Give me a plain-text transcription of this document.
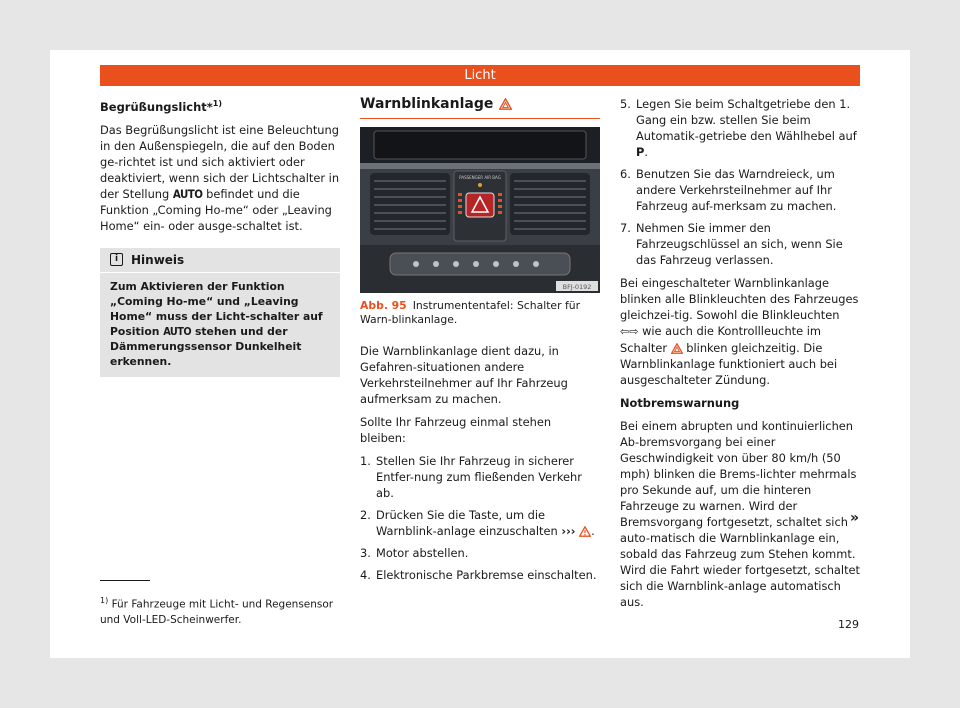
Licht

Begrüßungslicht*$^{1)}$

Das Begrüßungslicht ist eine Beleuchtung in den Außenspiegeln, die auf den Boden ge-richtet ist und sich aktiviert oder deaktiviert, wenn sich der Lichtschalter in der Stellung AUTO befindet und die Funktion „Coming Ho-me“ oder „Leaving Home“ ein- oder ausge-schaltet ist.

i	Hinweis
Zum Aktivieren der Funktion „Coming Ho-me“ und „Leaving Home“ muss der Licht-schalter auf Position AUTO stehen und der Dämmerungssensor Dunkelheit erkennen.
Warnblinkanlage
PASSENGER AIR BAG
BFJ-0192
Abb. 95 Instrumententafel: Schalter für Warn-blinkanlage.

Die Warnblinkanlage dient dazu, in Gefahren-situationen andere Verkehrsteilnehmer auf Ihr Fahrzeug aufmerksam zu machen.

Sollte Ihr Fahrzeug einmal stehen bleiben:

1. Stellen Sie Ihr Fahrzeug in sicherer Entfer-nung zum fließenden Verkehr ab.
2. Drücken Sie die Taste, um die Warnblink-anlage einzuschalten ››› .
3. Motor abstellen.
4. Elektronische Parkbremse einschalten.
5. Legen Sie beim Schaltgetriebe den 1. Gang ein bzw. stellen Sie beim Automatik-getriebe den Wählhebel auf P.
6. Benutzen Sie das Warndreieck, um andere Verkehrsteilnehmer auf Ihr Fahrzeug auf-merksam zu machen.
7. Nehmen Sie immer den Fahrzeugschlüssel an sich, wenn Sie das Fahrzeug verlassen.

Bei eingeschalteter Warnblinkanlage blinken alle Blinkleuchten des Fahrzeuges gleichzei-tig. Sowohl die Blinkleuchten ⇦⇨ wie auch die Kontrollleuchte im Schalter blinken gleichzeitig. Die Warnblinkanlage funktioniert auch bei ausgeschalteter Zündung.

Notbremswarnung

Bei einem abrupten und kontinuierlichen Ab-bremsvorgang bei einer Geschwindigkeit von über 80 km/h (50 mph) blinken die Brems-lichter mehrmals pro Sekunde auf, um die hinteren Fahrzeuge zu warnen. Wird der Bremsvorgang fortgesetzt, schaltet sich auto-matisch die Warnblinkanlage ein, sobald das Fahrzeug zum Stehen kommt. Wird die Fahrt wieder fortgesetzt, schaltet sich die Warnblink-anlage automatisch aus.

»
$^{1)}$ Für Fahrzeuge mit Licht- und Regensensor und Voll-LED-Scheinwerfer.	129
